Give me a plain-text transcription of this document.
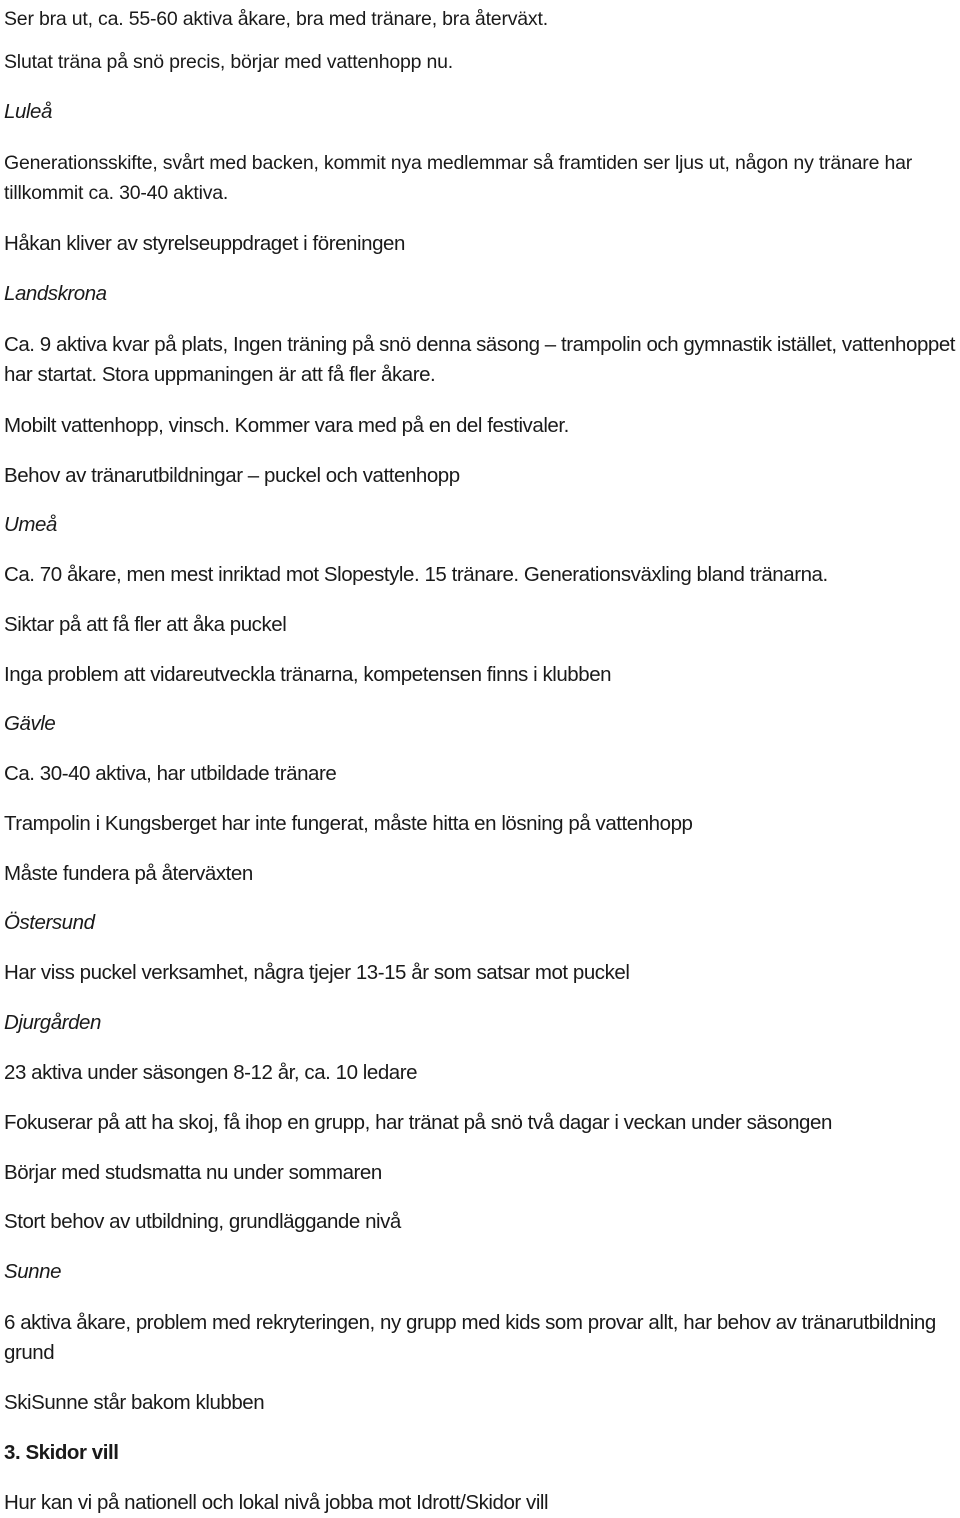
Ser bra ut, ca. 55-60 aktiva åkare, bra med tränare, bra återväxt.

Slutat träna på snö precis, börjar med vattenhopp nu.

Luleå

Generationsskifte, svårt med backen, kommit nya medlemmar så framtiden ser ljus ut, någon ny tränare har tillkommit ca. 30-40 aktiva.

Håkan kliver av styrelseuppdraget i föreningen

Landskrona

Ca. 9 aktiva kvar på plats, Ingen träning på snö denna säsong – trampolin och gymnastik istället, vattenhoppet har startat. Stora uppmaningen är att få fler åkare.

Mobilt vattenhopp, vinsch. Kommer vara med på en del festivaler.

Behov av tränarutbildningar – puckel och vattenhopp

Umeå

Ca. 70 åkare, men mest inriktad mot Slopestyle. 15 tränare. Generationsväxling bland tränarna.

Siktar på att få fler att åka puckel

Inga problem att vidareutveckla tränarna, kompetensen finns i klubben

Gävle

Ca. 30-40 aktiva, har utbildade tränare

Trampolin i Kungsberget har inte fungerat, måste hitta en lösning på vattenhopp

Måste fundera på återväxten

Östersund

Har viss puckel verksamhet, några tjejer 13-15 år som satsar mot puckel

Djurgården

23 aktiva under säsongen 8-12 år, ca. 10 ledare

Fokuserar på att ha skoj, få ihop en grupp, har tränat på snö två dagar i veckan under säsongen

Börjar med studsmatta nu under sommaren

Stort behov av utbildning, grundläggande nivå

Sunne

6 aktiva åkare, problem med rekryteringen, ny grupp med kids som provar allt, har behov av tränarutbildning grund

SkiSunne står bakom klubben

3. Skidor vill

Hur kan vi på nationell och lokal nivå jobba mot Idrott/Skidor vill
